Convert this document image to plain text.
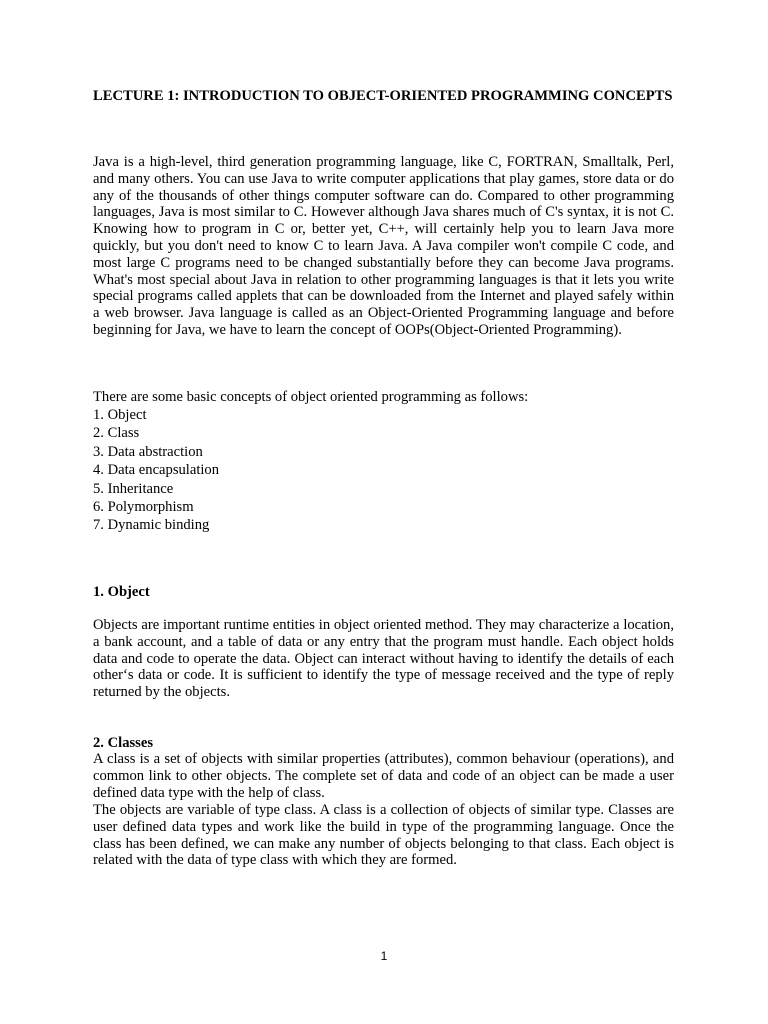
LECTURE 1: INTRODUCTION TO OBJECT-ORIENTED PROGRAMMING CONCEPTS

Java is a high-level, third generation programming language, like C, FORTRAN, Smalltalk, Perl, and many others. You can use Java to write computer applications that play games, store data or do any of the thousands of other things computer software can do. Compared to other programming languages, Java is most similar to C. However although Java shares much of C's syntax, it is not C. Knowing how to program in C or, better yet, C++, will certainly help you to learn Java more quickly, but you don't need to know C to learn Java. A Java compiler won't compile C code, and most large C programs need to be changed substantially before they can become Java programs. What's most special about Java in relation to other programming languages is that it lets you write special programs called applets that can be downloaded from the Internet and played safely within a web browser. Java language is called as an Object-Oriented Programming language and before beginning for Java, we have to learn the concept of OOPs(Object-Oriented Programming).

There are some basic concepts of object oriented programming as follows:

1. Object
2. Class
3. Data abstraction
4. Data encapsulation
5. Inheritance
6. Polymorphism
7. Dynamic binding
1. Object

Objects are important runtime entities in object oriented method. They may characterize a location, a bank account, and a table of data or any entry that the program must handle. Each object holds data and code to operate the data. Object can interact without having to identify the details of each other‘s data or code. It is sufficient to identify the type of message received and the type of reply returned by the objects.

2. Classes

A class is a set of objects with similar properties (attributes), common behaviour (operations), and common link to other objects. The complete set of data and code of an object can be made a user defined data type with the help of class.

The objects are variable of type class. A class is a collection of objects of similar type. Classes are user defined data types and work like the build in type of the programming language. Once the class has been defined, we can make any number of objects belonging to that class. Each object is related with the data of type class with which they are formed.

1
